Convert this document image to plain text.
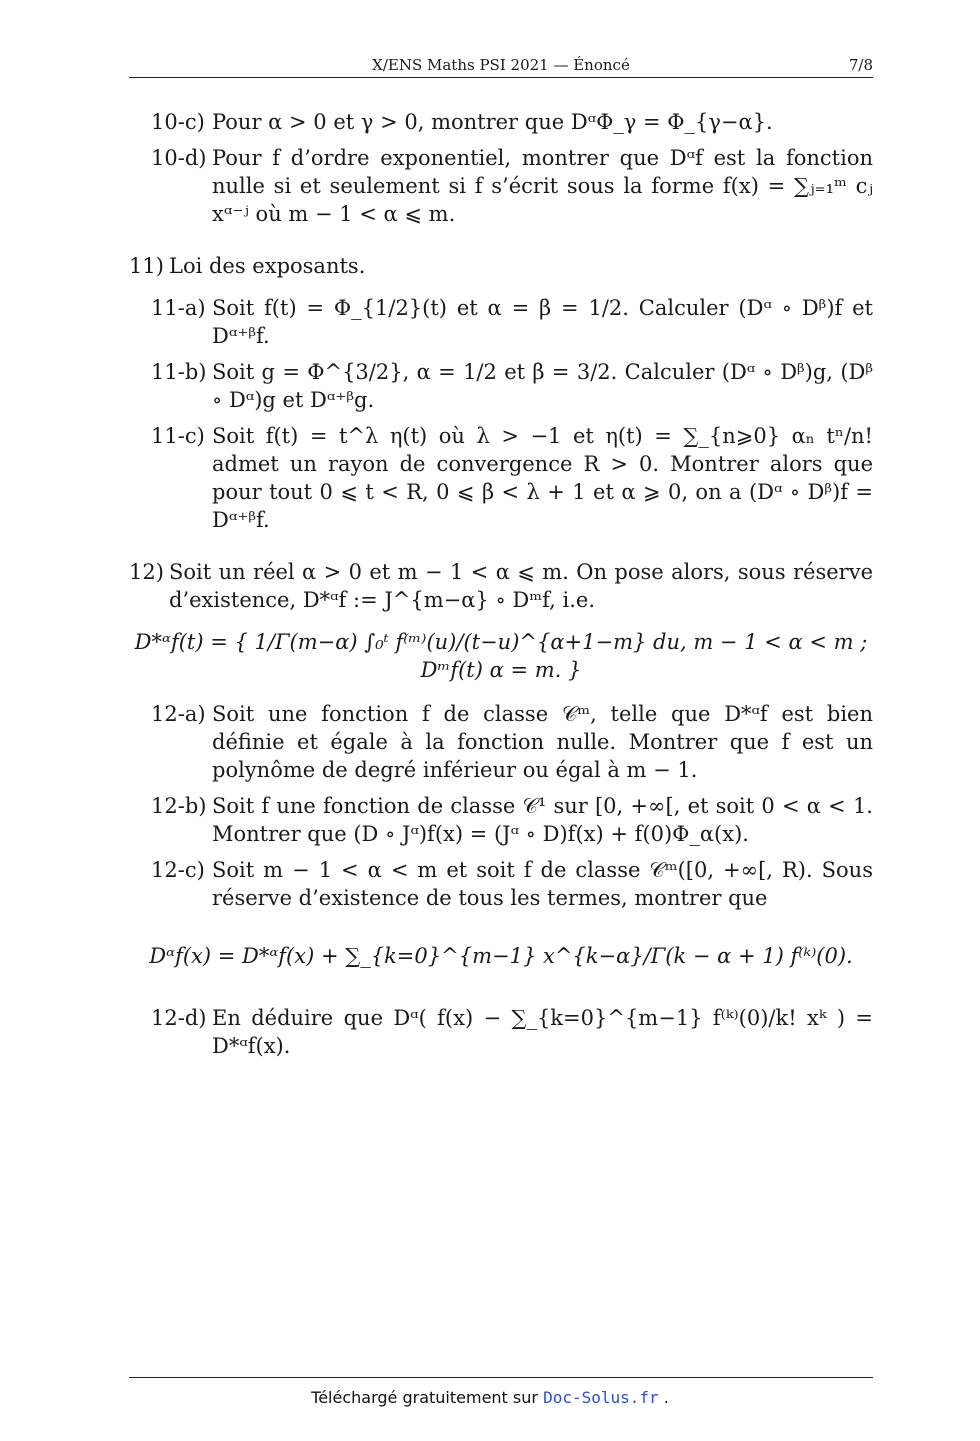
X/ENS Maths PSI 2021 — Énoncé	7/8
10-c) Pour α > 0 et γ > 0, montrer que DᵅΦ_γ = Φ_{γ−α}.
10-d) Pour f d’ordre exponentiel, montrer que Dᵅf est la fonction nulle si et seulement si f s’écrit sous la forme f(x) = ∑ⱼ₌₁ᵐ cⱼ xᵅ⁻ʲ où m − 1 < α ⩽ m.
11) Loi des exposants.
11-a) Soit f(t) = Φ_{1/2}(t) et α = β = 1/2. Calculer (Dᵅ ∘ Dᵝ)f et Dᵅ⁺ᵝf.
11-b) Soit g = Φ^{3/2}, α = 1/2 et β = 3/2. Calculer (Dᵅ ∘ Dᵝ)g, (Dᵝ ∘ Dᵅ)g et Dᵅ⁺ᵝg.
11-c) Soit f(t) = t^λ η(t) où λ > −1 et η(t) = ∑_{n⩾0} αₙ tⁿ/n! admet un rayon de convergence R > 0. Montrer alors que pour tout 0 ⩽ t < R, 0 ⩽ β < λ + 1 et α ⩾ 0, on a (Dᵅ ∘ Dᵝ)f = Dᵅ⁺ᵝf.
12) Soit un réel α > 0 et m − 1 < α ⩽ m. On pose alors, sous réserve d’existence, D*ᵅf := J^{m−α} ∘ Dᵐf, i.e.
D*ᵅf(t) = { 1/Γ(m−α) ∫₀ᵗ f⁽ᵐ⁾(u)/(t−u)^{α+1−m} du, m − 1 < α < m ; Dᵐf(t) α = m. }
12-a) Soit une fonction f de classe 𝒞ᵐ, telle que D*ᵅf est bien définie et égale à la fonction nulle. Montrer que f est un polynôme de degré inférieur ou égal à m − 1.
12-b) Soit f une fonction de classe 𝒞¹ sur [0, +∞[, et soit 0 < α < 1. Montrer que (D ∘ Jᵅ)f(x) = (Jᵅ ∘ D)f(x) + f(0)Φ_α(x).
12-c) Soit m − 1 < α < m et soit f de classe 𝒞ᵐ([0, +∞[, R). Sous réserve d’existence de tous les termes, montrer que
Dᵅf(x) = D*ᵅf(x) + ∑_{k=0}^{m−1} x^{k−α}/Γ(k − α + 1) f⁽ᵏ⁾(0).
12-d) En déduire que Dᵅ( f(x) − ∑_{k=0}^{m−1} f⁽ᵏ⁾(0)/k! xᵏ ) = D*ᵅf(x).
Téléchargé gratuitement sur Doc-Solus.fr .
